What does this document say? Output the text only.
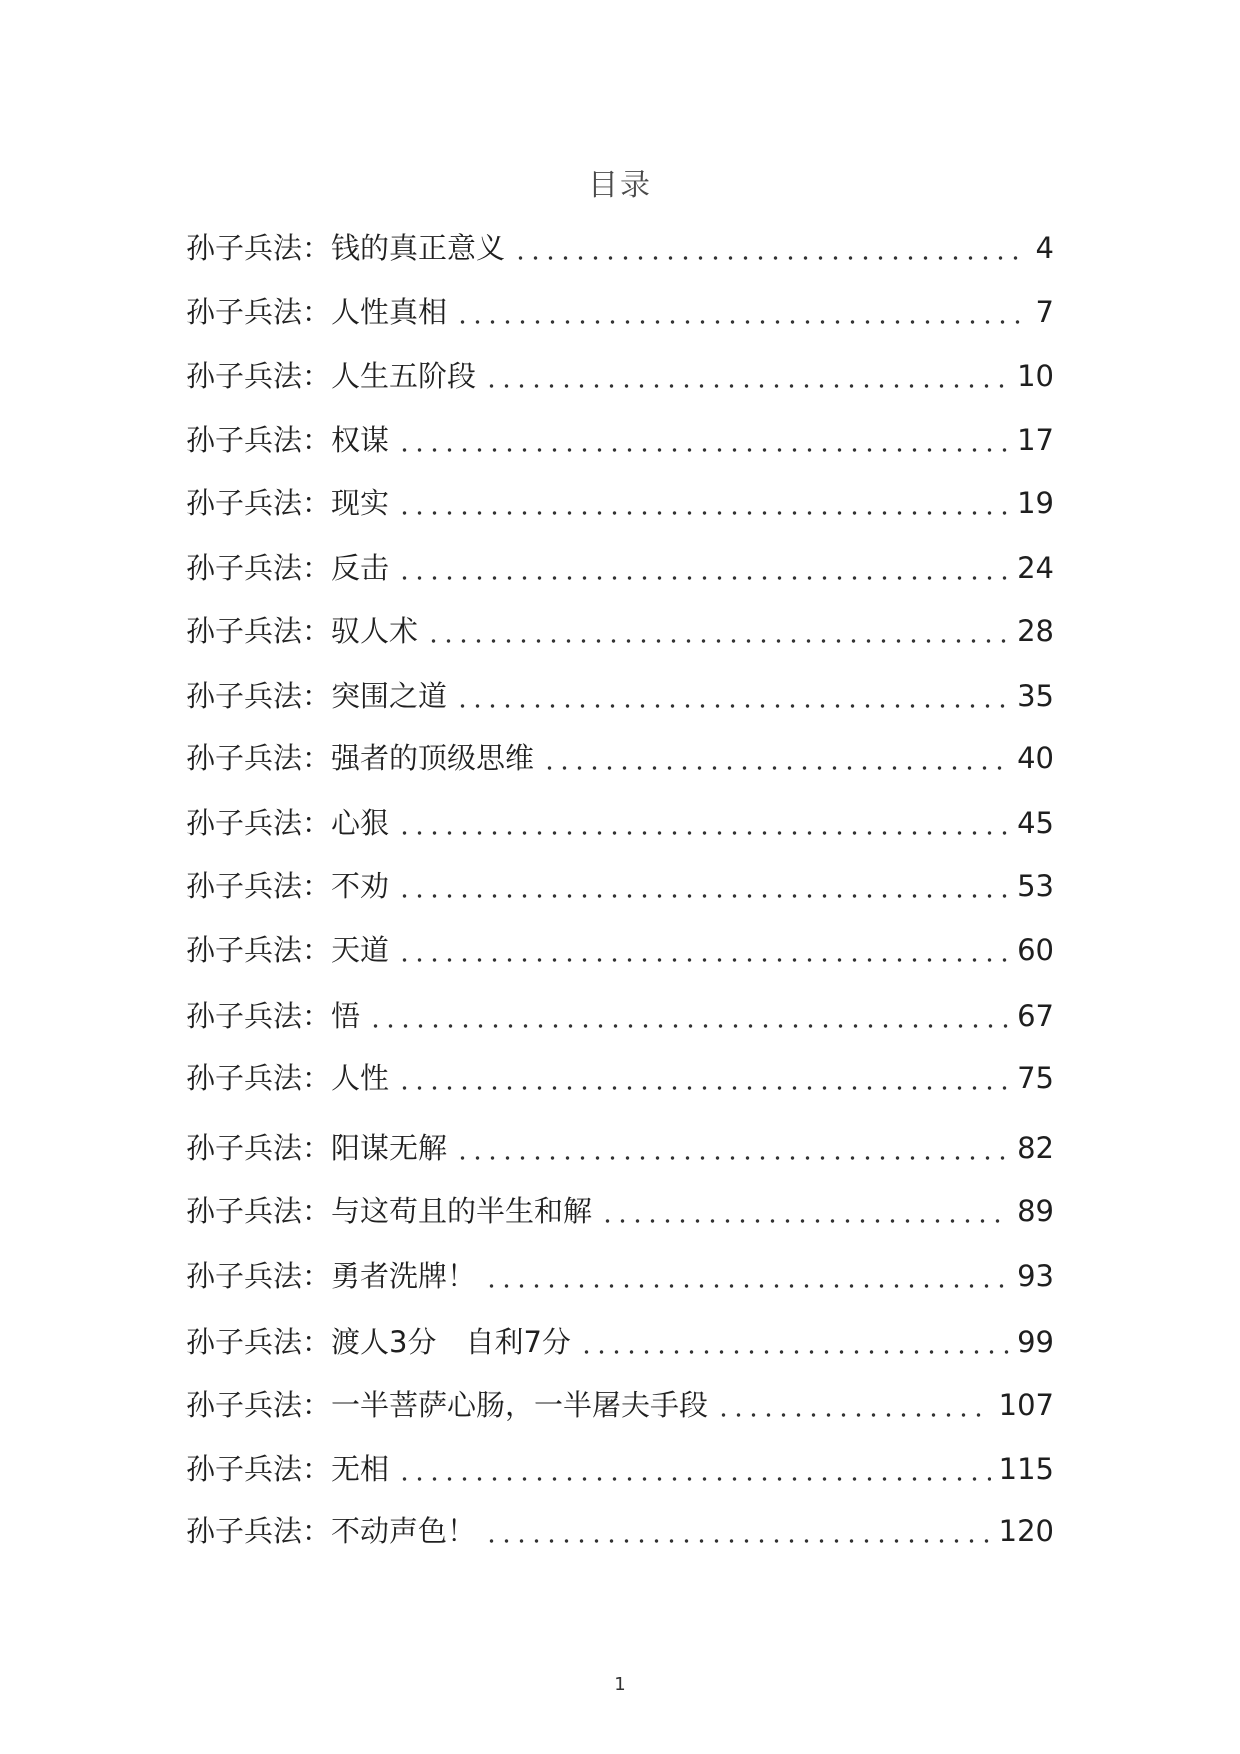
目录
孙子兵法：钱的真正意义	4
孙子兵法：人性真相	7
孙子兵法：人生五阶段	10
孙子兵法：权谋	17
孙子兵法：现实	19
孙子兵法：反击	24
孙子兵法：驭人术	28
孙子兵法：突围之道	35
孙子兵法：强者的顶级思维	40
孙子兵法：心狠	45
孙子兵法：不劝	53
孙子兵法：天道	60
孙子兵法：悟	67
孙子兵法：人性	75
孙子兵法：阳谋无解	82
孙子兵法：与这苟且的半生和解	89
孙子兵法：勇者洗牌！	93
孙子兵法：渡人3分　自利7分	99
孙子兵法：一半菩萨心肠，一半屠夫手段	107
孙子兵法：无相	115
孙子兵法：不动声色！	120
1
